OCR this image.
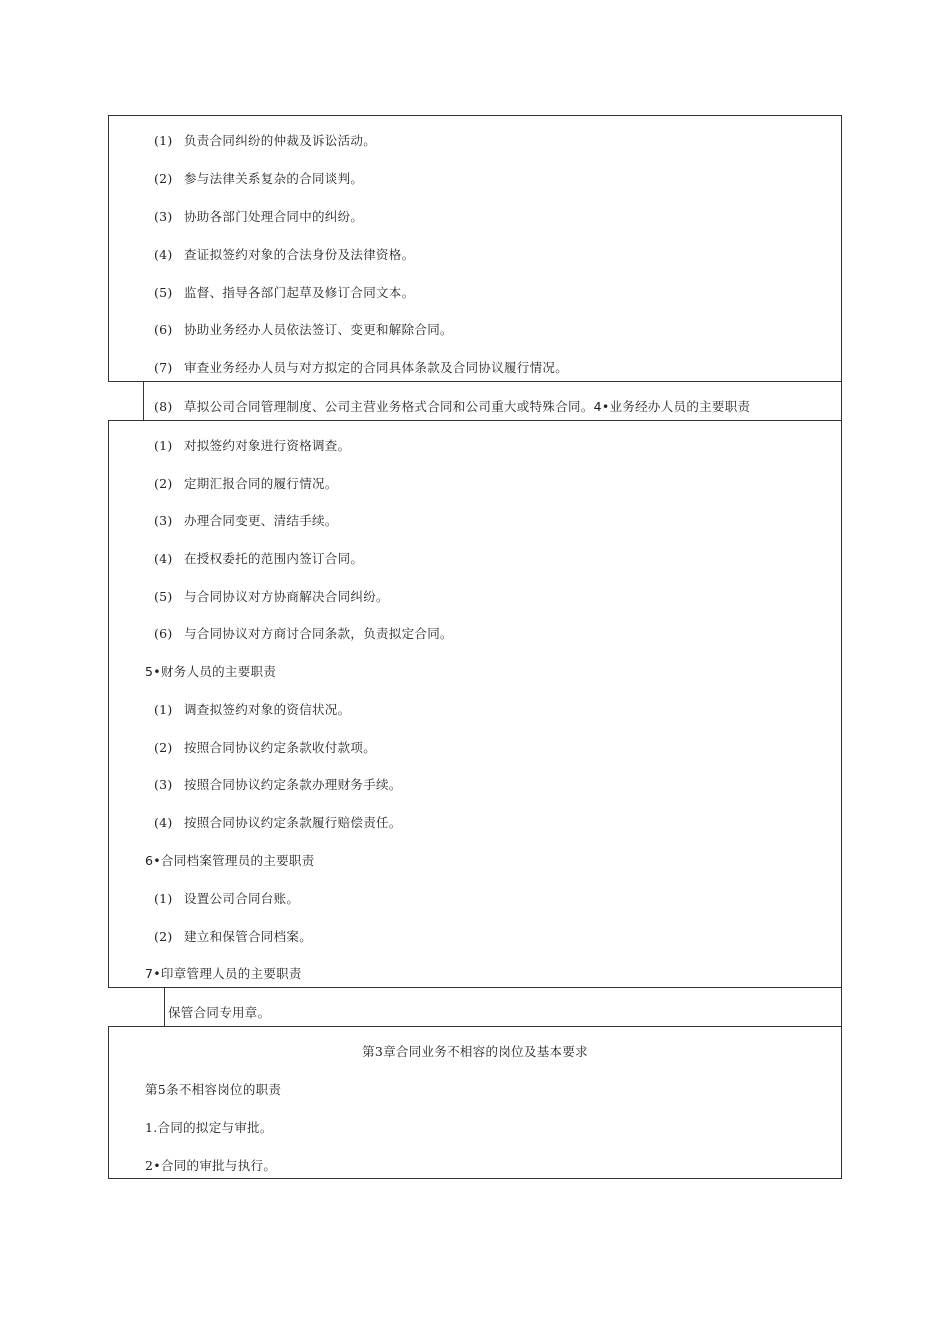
(1) 负责合同纠纷的仲裁及诉讼活动。
(2) 参与法律关系复杂的合同谈判。
(3) 协助各部门处理合同中的纠纷。
(4) 查证拟签约对象的合法身份及法律资格。
(5) 监督、指导各部门起草及修订合同文本。
(6) 协助业务经办人员依法签订、变更和解除合同。
(7) 审查业务经办人员与对方拟定的合同具体条款及合同协议履行情况。
(8) 草拟公司合同管理制度、公司主营业务格式合同和公司重大或特殊合同。4•业务经办人员的主要职责
(1) 对拟签约对象进行资格调查。
(2) 定期汇报合同的履行情况。
(3) 办理合同变更、清结手续。
(4) 在授权委托的范围内签订合同。
(5) 与合同协议对方协商解决合同纠纷。
(6) 与合同协议对方商讨合同条款，负责拟定合同。
5•财务人员的主要职责
(1) 调查拟签约对象的资信状况。
(2) 按照合同协议约定条款收付款项。
(3) 按照合同协议约定条款办理财务手续。
(4) 按照合同协议约定条款履行赔偿责任。
6•合同档案管理员的主要职责
(1) 设置公司合同台账。
(2) 建立和保管合同档案。
7•印章管理人员的主要职责
保管合同专用章。
第3章合同业务不相容的岗位及基本要求
第5条不相容岗位的职责
1.合同的拟定与审批。
2•合同的审批与执行。
